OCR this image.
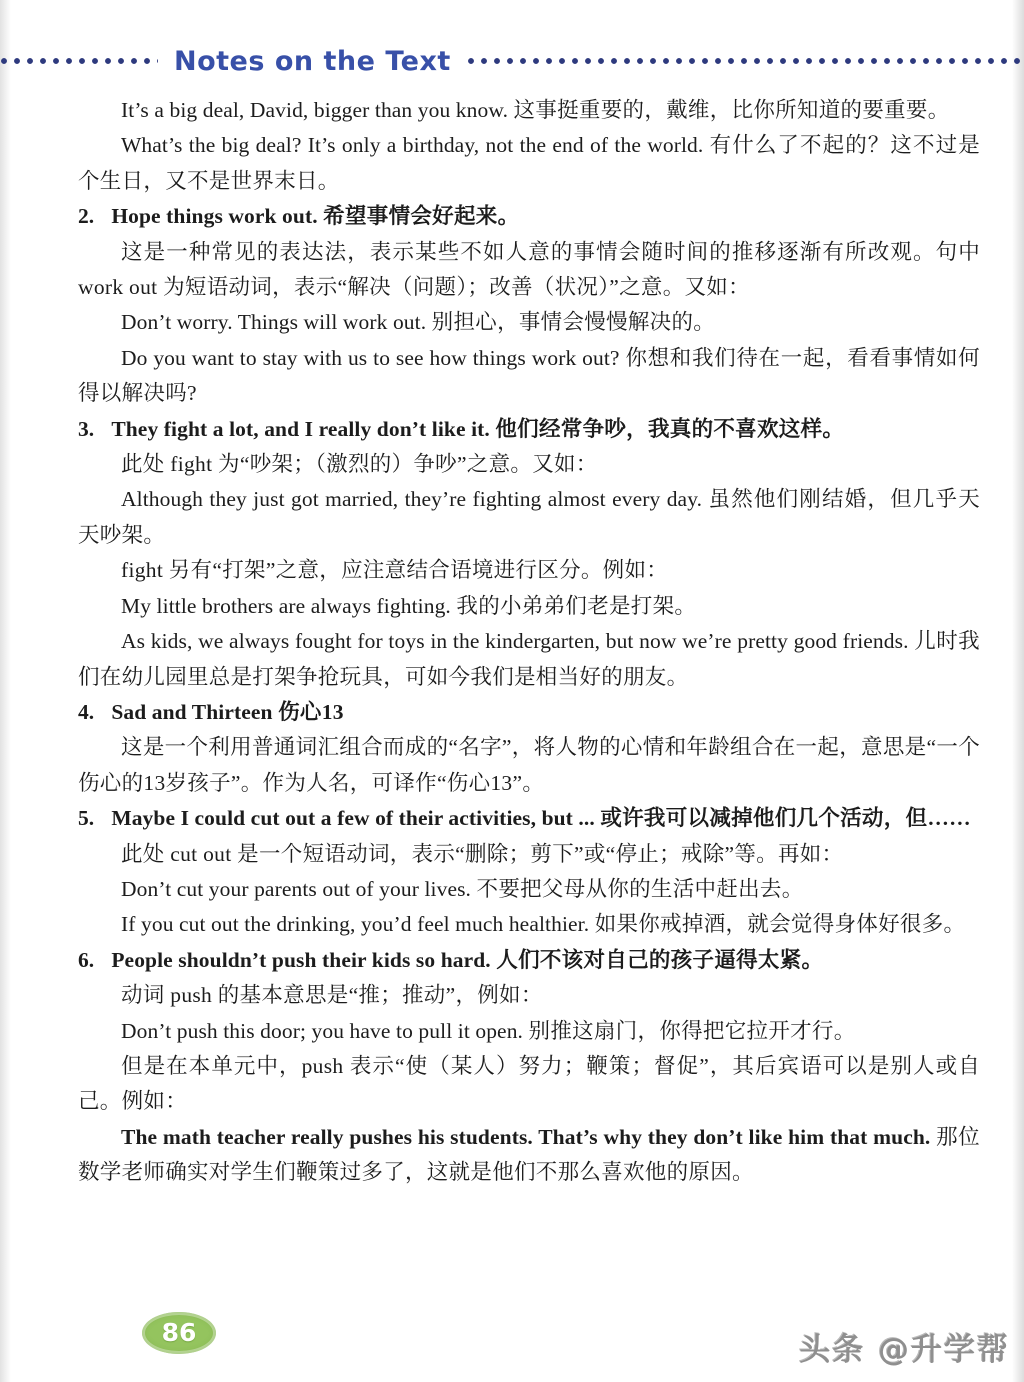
Notes on the Text

It’s a big deal, David, bigger than you know. 这事挺重要的，戴维，比你所知道的要重要。

What’s the big deal? It’s only a birthday, not the end of the world. 有什么了不起的？这不过是个生日，又不是世界末日。

2. Hope things work out. 希望事情会好起来。

这是一种常见的表达法，表示某些不如人意的事情会随时间的推移逐渐有所改观。句中 work out 为短语动词，表示“解决（问题）；改善（状况）”之意。又如：

Don’t worry. Things will work out. 别担心，事情会慢慢解决的。

Do you want to stay with us to see how things work out? 你想和我们待在一起，看看事情如何得以解决吗?

3. They fight a lot, and I really don’t like it. 他们经常争吵，我真的不喜欢这样。

此处 fight 为“吵架；（激烈的）争吵”之意。又如：

Although they just got married, they’re fighting almost every day. 虽然他们刚结婚，但几乎天天吵架。

fight 另有“打架”之意，应注意结合语境进行区分。例如：

My little brothers are always fighting. 我的小弟弟们老是打架。

As kids, we always fought for toys in the kindergarten, but now we’re pretty good friends. 儿时我们在幼儿园里总是打架争抢玩具，可如今我们是相当好的朋友。

4. Sad and Thirteen 伤心13

这是一个利用普通词汇组合而成的“名字”，将人物的心情和年龄组合在一起，意思是“一个伤心的13岁孩子”。作为人名，可译作“伤心13”。

5. Maybe I could cut out a few of their activities, but ... 或许我可以减掉他们几个活动，但……

此处 cut out 是一个短语动词，表示“删除；剪下”或“停止；戒除”等。再如：

Don’t cut your parents out of your lives. 不要把父母从你的生活中赶出去。

If you cut out the drinking, you’d feel much healthier. 如果你戒掉酒，就会觉得身体好很多。

6. People shouldn’t push their kids so hard. 人们不该对自己的孩子逼得太紧。

动词 push 的基本意思是“推；推动”，例如：

Don’t push this door; you have to pull it open. 别推这扇门，你得把它拉开才行。

但是在本单元中，push 表示“使（某人）努力；鞭策；督促”，其后宾语可以是别人或自己。例如：

The math teacher really pushes his students. That’s why they don’t like him that much. 那位数学老师确实对学生们鞭策过多了，这就是他们不那么喜欢他的原因。

86	头条 @升学帮
